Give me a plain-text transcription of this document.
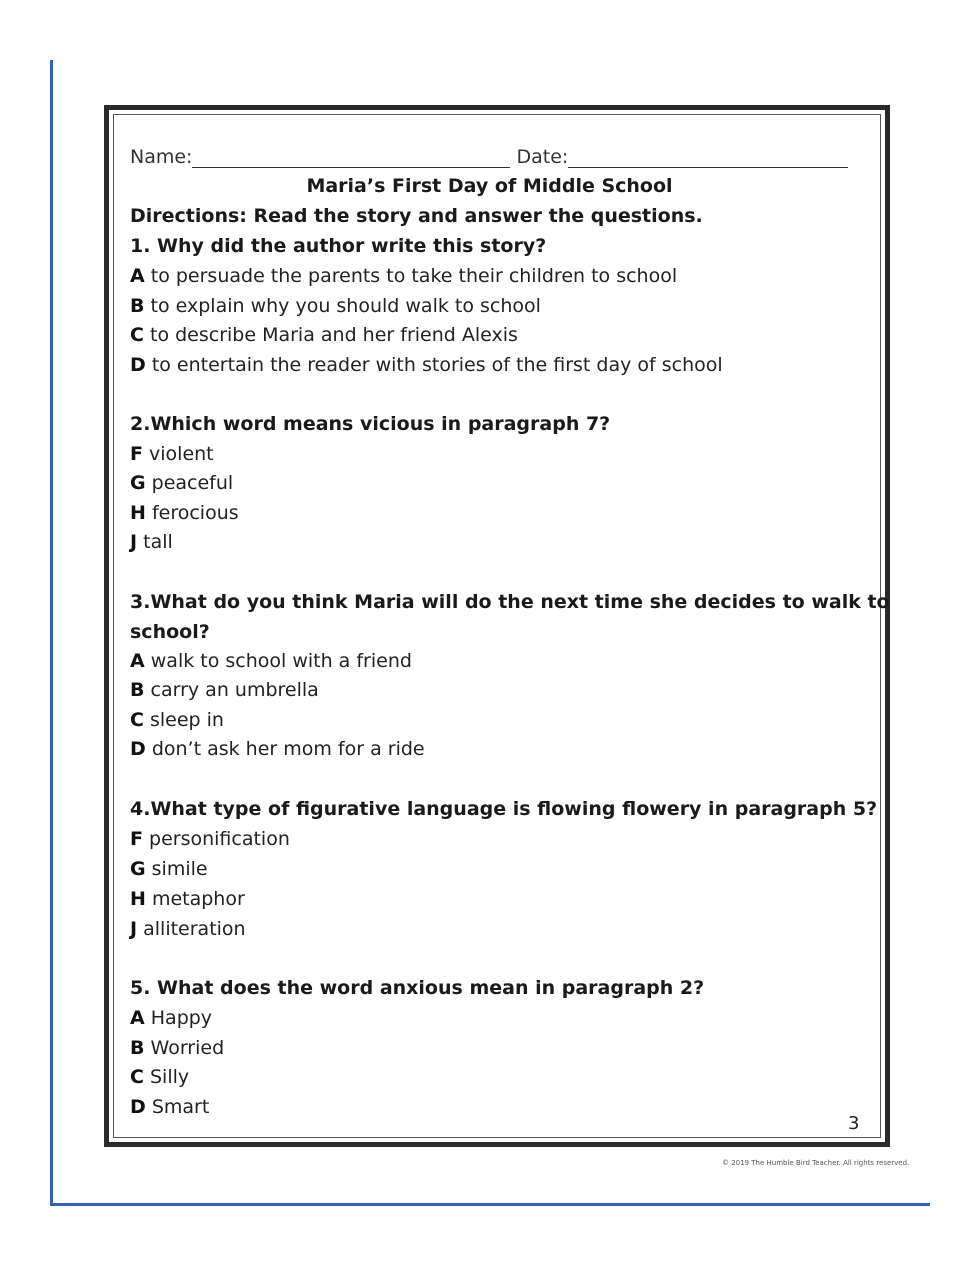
Name:	Date:
Maria’s First Day of Middle School
Directions: Read the story and answer the questions.
1. Why did the author write this story?
A to persuade the parents to take their children to school
B to explain why you should walk to school
C to describe Maria and her friend Alexis
D to entertain the reader with stories of the first day of school
2.Which word means vicious in paragraph 7?
F violent
G peaceful
H ferocious
J tall
3.What do you think Maria will do the next time she decides to walk to
school?
A walk to school with a friend
B carry an umbrella
C sleep in
D don’t ask her mom for a ride
4.What type of figurative language is flowing flowery in paragraph 5?
F personification
G simile
H metaphor
J alliteration
5. What does the word anxious mean in paragraph 2?
A Happy
B Worried
C Silly
D Smart
3
© 2019 The Humble Bird Teacher. All rights reserved.
